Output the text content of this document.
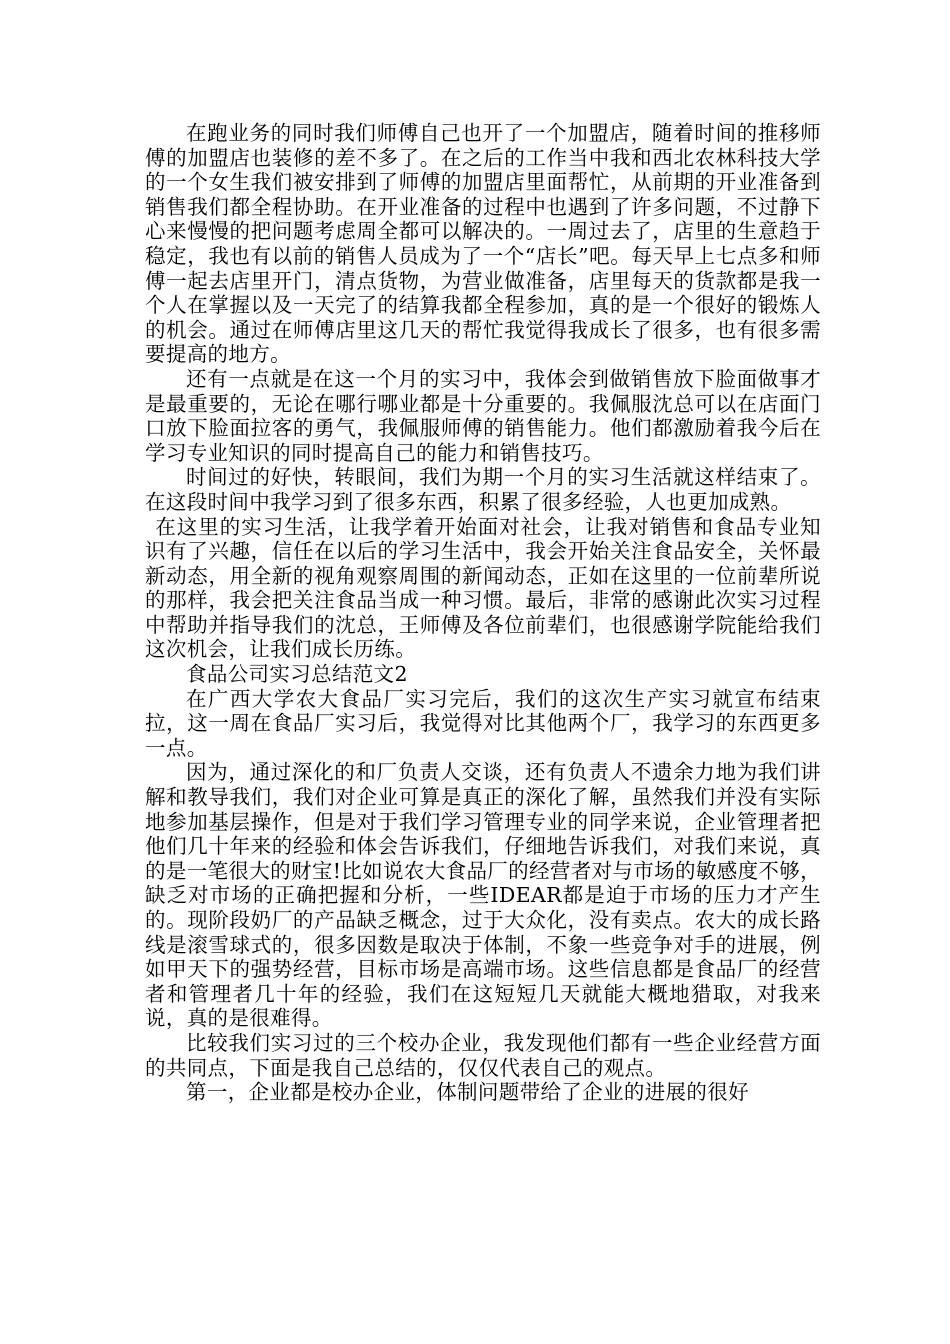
在跑业务的同时我们师傅自己也开了一个加盟店，随着时间的推移师傅的加盟店也装修的差不多了。在之后的工作当中我和西北农林科技大学的一个女生我们被安排到了师傅的加盟店里面帮忙，从前期的开业准备到销售我们都全程协助。在开业准备的过程中也遇到了许多问题，不过静下心来慢慢的把问题考虑周全都可以解决的。一周过去了，店里的生意趋于稳定，我也有以前的销售人员成为了一个“店长”吧。每天早上七点多和师傅一起去店里开门，清点货物，为营业做准备，店里每天的货款都是我一个人在掌握以及一天完了的结算我都全程参加，真的是一个很好的锻炼人的机会。通过在师傅店里这几天的帮忙我觉得我成长了很多，也有很多需要提高的地方。

还有一点就是在这一个月的实习中，我体会到做销售放下脸面做事才是最重要的，无论在哪行哪业都是十分重要的。我佩服沈总可以在店面门口放下脸面拉客的勇气，我佩服师傅的销售能力。他们都激励着我今后在学习专业知识的同时提高自己的能力和销售技巧。

时间过的好快，转眼间，我们为期一个月的实习生活就这样结束了。在这段时间中我学习到了很多东西，积累了很多经验，人也更加成熟。

在这里的实习生活，让我学着开始面对社会，让我对销售和食品专业知识有了兴趣，信任在以后的学习生活中，我会开始关注食品安全，关怀最新动态，用全新的视角观察周围的新闻动态，正如在这里的一位前辈所说的那样，我会把关注食品当成一种习惯。最后，非常的感谢此次实习过程中帮助并指导我们的沈总，王师傅及各位前辈们，也很感谢学院能给我们这次机会，让我们成长历练。

食品公司实习总结范文2

在广西大学农大食品厂实习完后，我们的这次生产实习就宣布结束拉，这一周在食品厂实习后，我觉得对比其他两个厂，我学习的东西更多一点。

因为，通过深化的和厂负责人交谈，还有负责人不遗余力地为我们讲解和教导我们，我们对企业可算是真正的深化了解，虽然我们并没有实际地参加基层操作，但是对于我们学习管理专业的同学来说，企业管理者把他们几十年来的经验和体会告诉我们，仔细地告诉我们，对我们来说，真的是一笔很大的财宝!比如说农大食品厂的经营者对与市场的敏感度不够，缺乏对市场的正确把握和分析，一些IDEAR都是迫于市场的压力才产生的。现阶段奶厂的产品缺乏概念，过于大众化，没有卖点。农大的成长路线是滚雪球式的，很多因数是取决于体制，不象一些竞争对手的进展，例如甲天下的强势经营，目标市场是高端市场。这些信息都是食品厂的经营者和管理者几十年的经验，我们在这短短几天就能大概地猎取，对我来说，真的是很难得。

比较我们实习过的三个校办企业，我发现他们都有一些企业经营方面的共同点，下面是我自己总结的，仅仅代表自己的观点。

第一，企业都是校办企业，体制问题带给了企业的进展的很好
